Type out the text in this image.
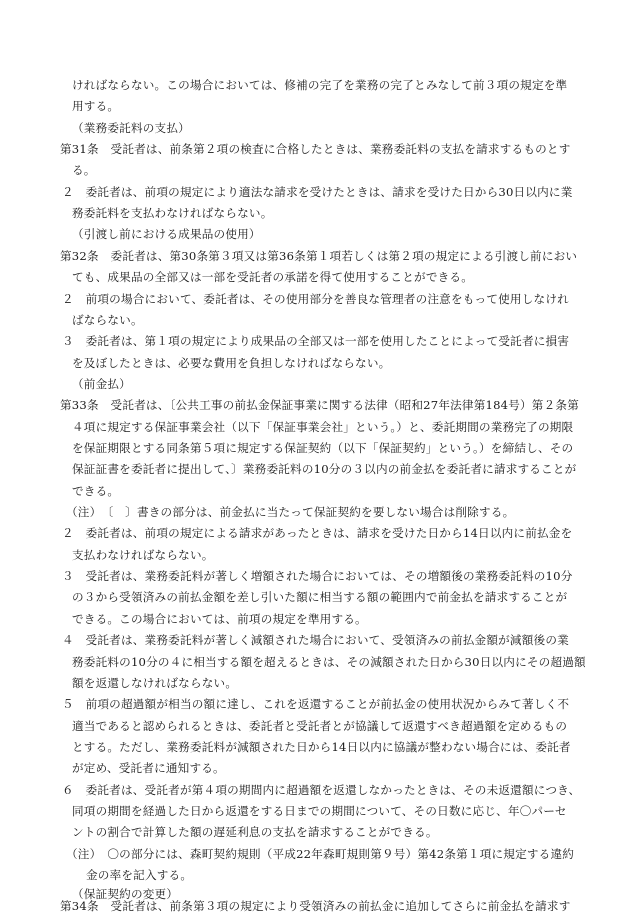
ければならない。この場合においては、修補の完了を業務の完了とみなして前３項の規定を準
用する。
（業務委託料の支払）
第31条　受託者は、前条第２項の検査に合格したときは、業務委託料の支払を請求するものとす
る。
２　委託者は、前項の規定により適法な請求を受けたときは、請求を受けた日から30日以内に業
務委託料を支払わなければならない。
（引渡し前における成果品の使用）
第32条　委託者は、第30条第３項又は第36条第１項若しくは第２項の規定による引渡し前におい
ても、成果品の全部又は一部を受託者の承諾を得て使用することができる。
２　前項の場合において、委託者は、その使用部分を善良な管理者の注意をもって使用しなけれ
ばならない。
３　委託者は、第１項の規定により成果品の全部又は一部を使用したことによって受託者に損害
を及ぼしたときは、必要な費用を負担しなければならない。
（前金払）
第33条　受託者は、〔公共工事の前払金保証事業に関する法律（昭和27年法律第184号）第２条第
４項に規定する保証事業会社（以下「保証事業会社」という。）と、委託期間の業務完了の期限
を保証期限とする同条第５項に規定する保証契約（以下「保証契約」という。）を締結し、その
保証証書を委託者に提出して、〕業務委託料の10分の３以内の前金払を委託者に請求することが
できる。
（注）　〔　〕書きの部分は、前金払に当たって保証契約を要しない場合は削除する。
２　委託者は、前項の規定による請求があったときは、請求を受けた日から14日以内に前払金を
支払わなければならない。
３　受託者は、業務委託料が著しく増額された場合においては、その増額後の業務委託料の10分
の３から受領済みの前払金額を差し引いた額に相当する額の範囲内で前金払を請求することが
できる。この場合においては、前項の規定を準用する。
４　受託者は、業務委託料が著しく減額された場合において、受領済みの前払金額が減額後の業
務委託料の10分の４に相当する額を超えるときは、その減額された日から30日以内にその超過額
額を返還しなければならない。
５　前項の超過額が相当の額に達し、これを返還することが前払金の使用状況からみて著しく不
適当であると認められるときは、委託者と受託者とが協議して返還すべき超過額を定めるもの
とする。ただし、業務委託料が減額された日から14日以内に協議が整わない場合には、委託者
が定め、受託者に通知する。
６　委託者は、受託者が第４項の期間内に超過額を返還しなかったときは、その未返還額につき、
同項の期間を経過した日から返還をする日までの期間について、その日数に応じ、年〇パーセ
ントの割合で計算した額の遅延利息の支払を請求することができる。
（注）　〇の部分には、森町契約規則（平成22年森町規則第９号）第42条第１項に規定する違約
金の率を記入する。
（保証契約の変更）
第34条　受託者は、前条第３項の規定により受領済みの前払金に追加してさらに前金払を請求す
